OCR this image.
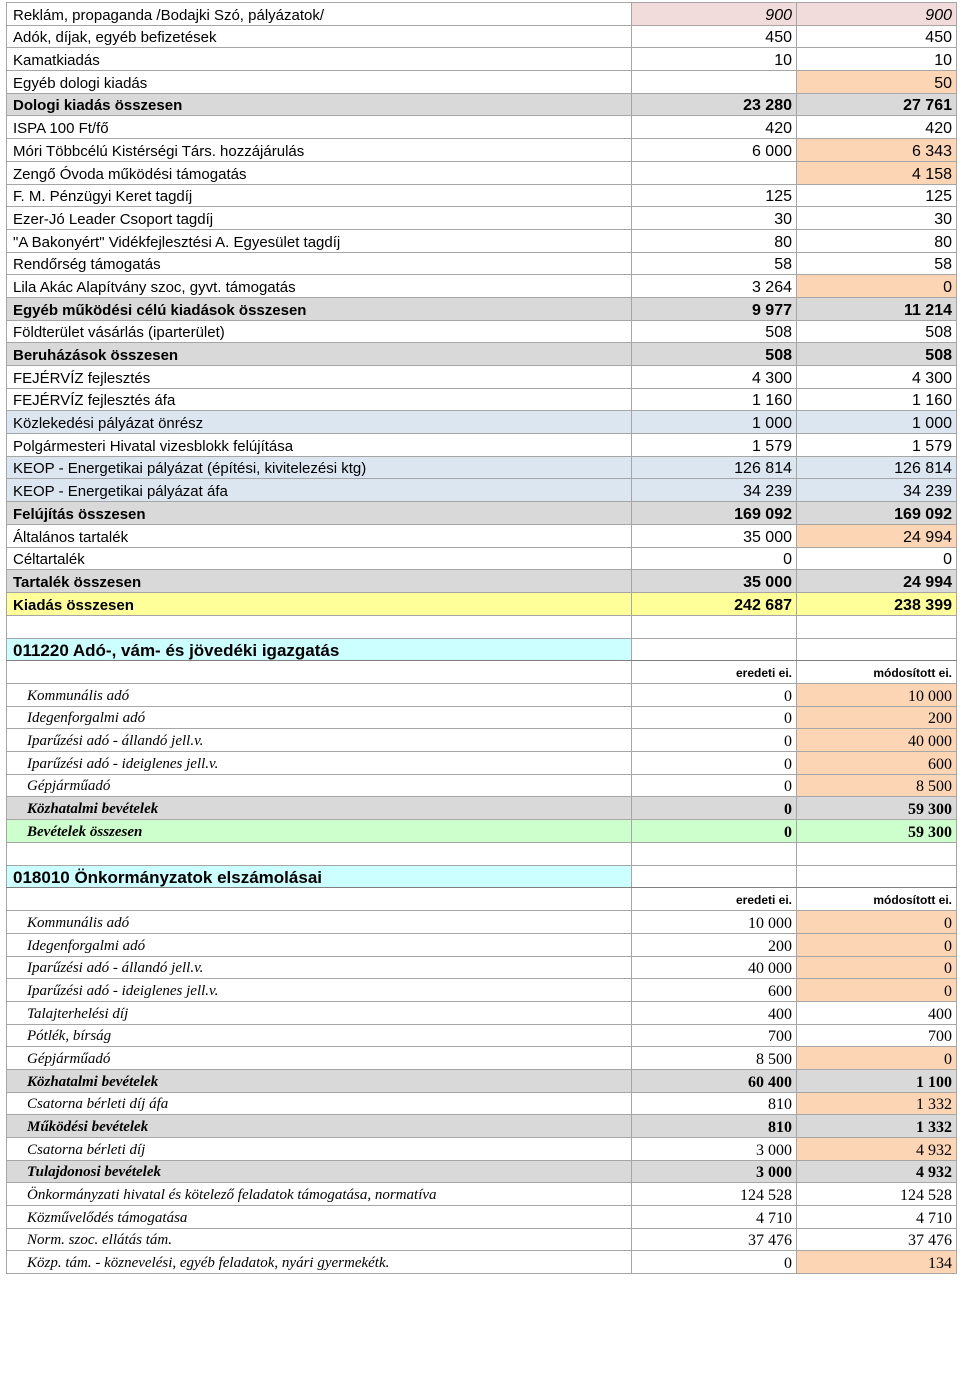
Reklám, propaganda /Bodajki Szó, pályázatok/	900	900
Adók, díjak, egyéb befizetések	450	450
Kamatkiadás	10	10
Egyéb dologi kiadás		50
Dologi kiadás összesen	23 280	27 761
ISPA 100 Ft/fő	420	420
Móri Többcélú Kistérségi Társ. hozzájárulás	6 000	6 343
Zengő Óvoda működési támogatás		4 158
F. M. Pénzügyi Keret tagdíj	125	125
Ezer-Jó Leader Csoport tagdíj	30	30
"A Bakonyért" Vidékfejlesztési A. Egyesület tagdíj	80	80
Rendőrség támogatás	58	58
Lila Akác Alapítvány szoc, gyvt. támogatás	3 264	0
Egyéb működési célú kiadások összesen	9 977	11 214
Földterület vásárlás (iparterület)	508	508
Beruházások összesen	508	508
FEJÉRVÍZ fejlesztés	4 300	4 300
FEJÉRVÍZ fejlesztés áfa	1 160	1 160
Közlekedési pályázat önrész	1 000	1 000
Polgármesteri Hivatal vizesblokk felújítása	1 579	1 579
KEOP - Energetikai pályázat (építési, kivitelezési ktg)	126 814	126 814
KEOP - Energetikai pályázat áfa	34 239	34 239
Felújítás összesen	169 092	169 092
Általános tartalék	35 000	24 994
Céltartalék	0	0
Tartalék összesen	35 000	24 994
Kiadás összesen	242 687	238 399

011220 Adó-, vám- és jövedéki igazgatás		
	eredeti ei.	módosított ei.
Kommunális adó	0	10 000
Idegenforgalmi adó	0	200
Iparűzési adó - állandó jell.v.	0	40 000
Iparűzési adó - ideiglenes jell.v.	0	600
Gépjárműadó	0	8 500
Közhatalmi bevételek	0	59 300
Bevételek összesen	0	59 300

018010 Önkormányzatok elszámolásai		
	eredeti ei.	módosított ei.
Kommunális adó	10 000	0
Idegenforgalmi adó	200	0
Iparűzési adó - állandó jell.v.	40 000	0
Iparűzési adó - ideiglenes jell.v.	600	0
Talajterhelési díj	400	400
Pótlék, bírság	700	700
Gépjárműadó	8 500	0
Közhatalmi bevételek	60 400	1 100
Csatorna bérleti díj áfa	810	1 332
Működési bevételek	810	1 332
Csatorna bérleti díj	3 000	4 932
Tulajdonosi bevételek	3 000	4 932
Önkormányzati hivatal és kötelező feladatok támogatása, normatíva	124 528	124 528
Közművelődés támogatása	4 710	4 710
Norm. szoc. ellátás tám.	37 476	37 476
Közp. tám. - köznevelési, egyéb feladatok, nyári gyermekétk.	0	134
